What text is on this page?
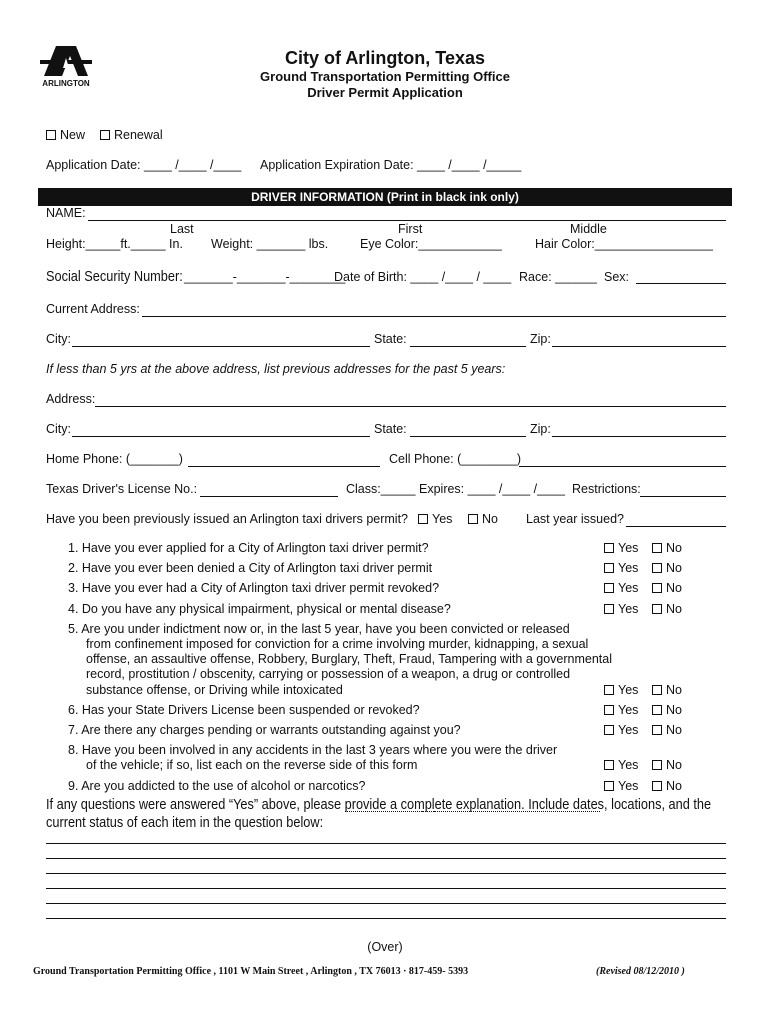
ARLINGTON
City of Arlington, Texas
Ground Transportation Permitting Office
Driver Permit Application
New	Renewal
Application Date: ____ /____ /____ Application Expiration Date: ____ /____ /_____
DRIVER INFORMATION (Print in black ink only)
NAME:
Last	First	Middle
Height:_____ft._____ In. Weight: _______ lbs.	Eye Color:____________	Hair Color:_________________
Social Security Number: _______-_______-________
Date of Birth: ____ /____ / ____ Race: ______ Sex:
Current Address:
City:	State:	Zip:
If less than 5 yrs at the above address, list previous addresses for the past 5 years:
Address:
City:	State:	Zip:
Home Phone: (_______)	Cell Phone: (________)
Texas Driver's License No.:	Class:_____ Expires: ____ /____ /____ Restrictions:
Have you been previously issued an Arlington taxi drivers permit?	Yes	No Last year issued?
1. Have you ever applied for a City of Arlington taxi driver permit?	Yes	No
2. Have you ever been denied a City of Arlington taxi driver permit	Yes	No
3. Have you ever had a City of Arlington taxi driver permit revoked?	Yes	No
4. Do you have any physical impairment, physical or mental disease?	Yes	No
5. Are you under indictment now or, in the last 5 year, have you been convicted or released
from confinement imposed for conviction for a crime involving murder, kidnapping, a sexual
offense, an assaultive offense, Robbery, Burglary, Theft, Fraud, Tampering with a governmental
record, prostitution / obscenity, carrying or possession of a weapon, a drug or controlled
substance offense, or Driving while intoxicated	Yes	No
6. Has your State Drivers License been suspended or revoked?	Yes	No
7. Are there any charges pending or warrants outstanding against you?	Yes	No
8. Have you been involved in any accidents in the last 3 years where you were the driver
of the vehicle; if so, list each on the reverse side of this form	Yes	No
9. Are you addicted to the use of alcohol or narcotics?	Yes	No
If any questions were answered “Yes” above, please provide a complete explanation. Include dates, locations, and the
current status of each item in the question below:
(Over)
Ground Transportation Permitting Office , 1101 W Main Street , Arlington , TX 76013 · 817-459- 5393	(Revised 08/12/2010 )
